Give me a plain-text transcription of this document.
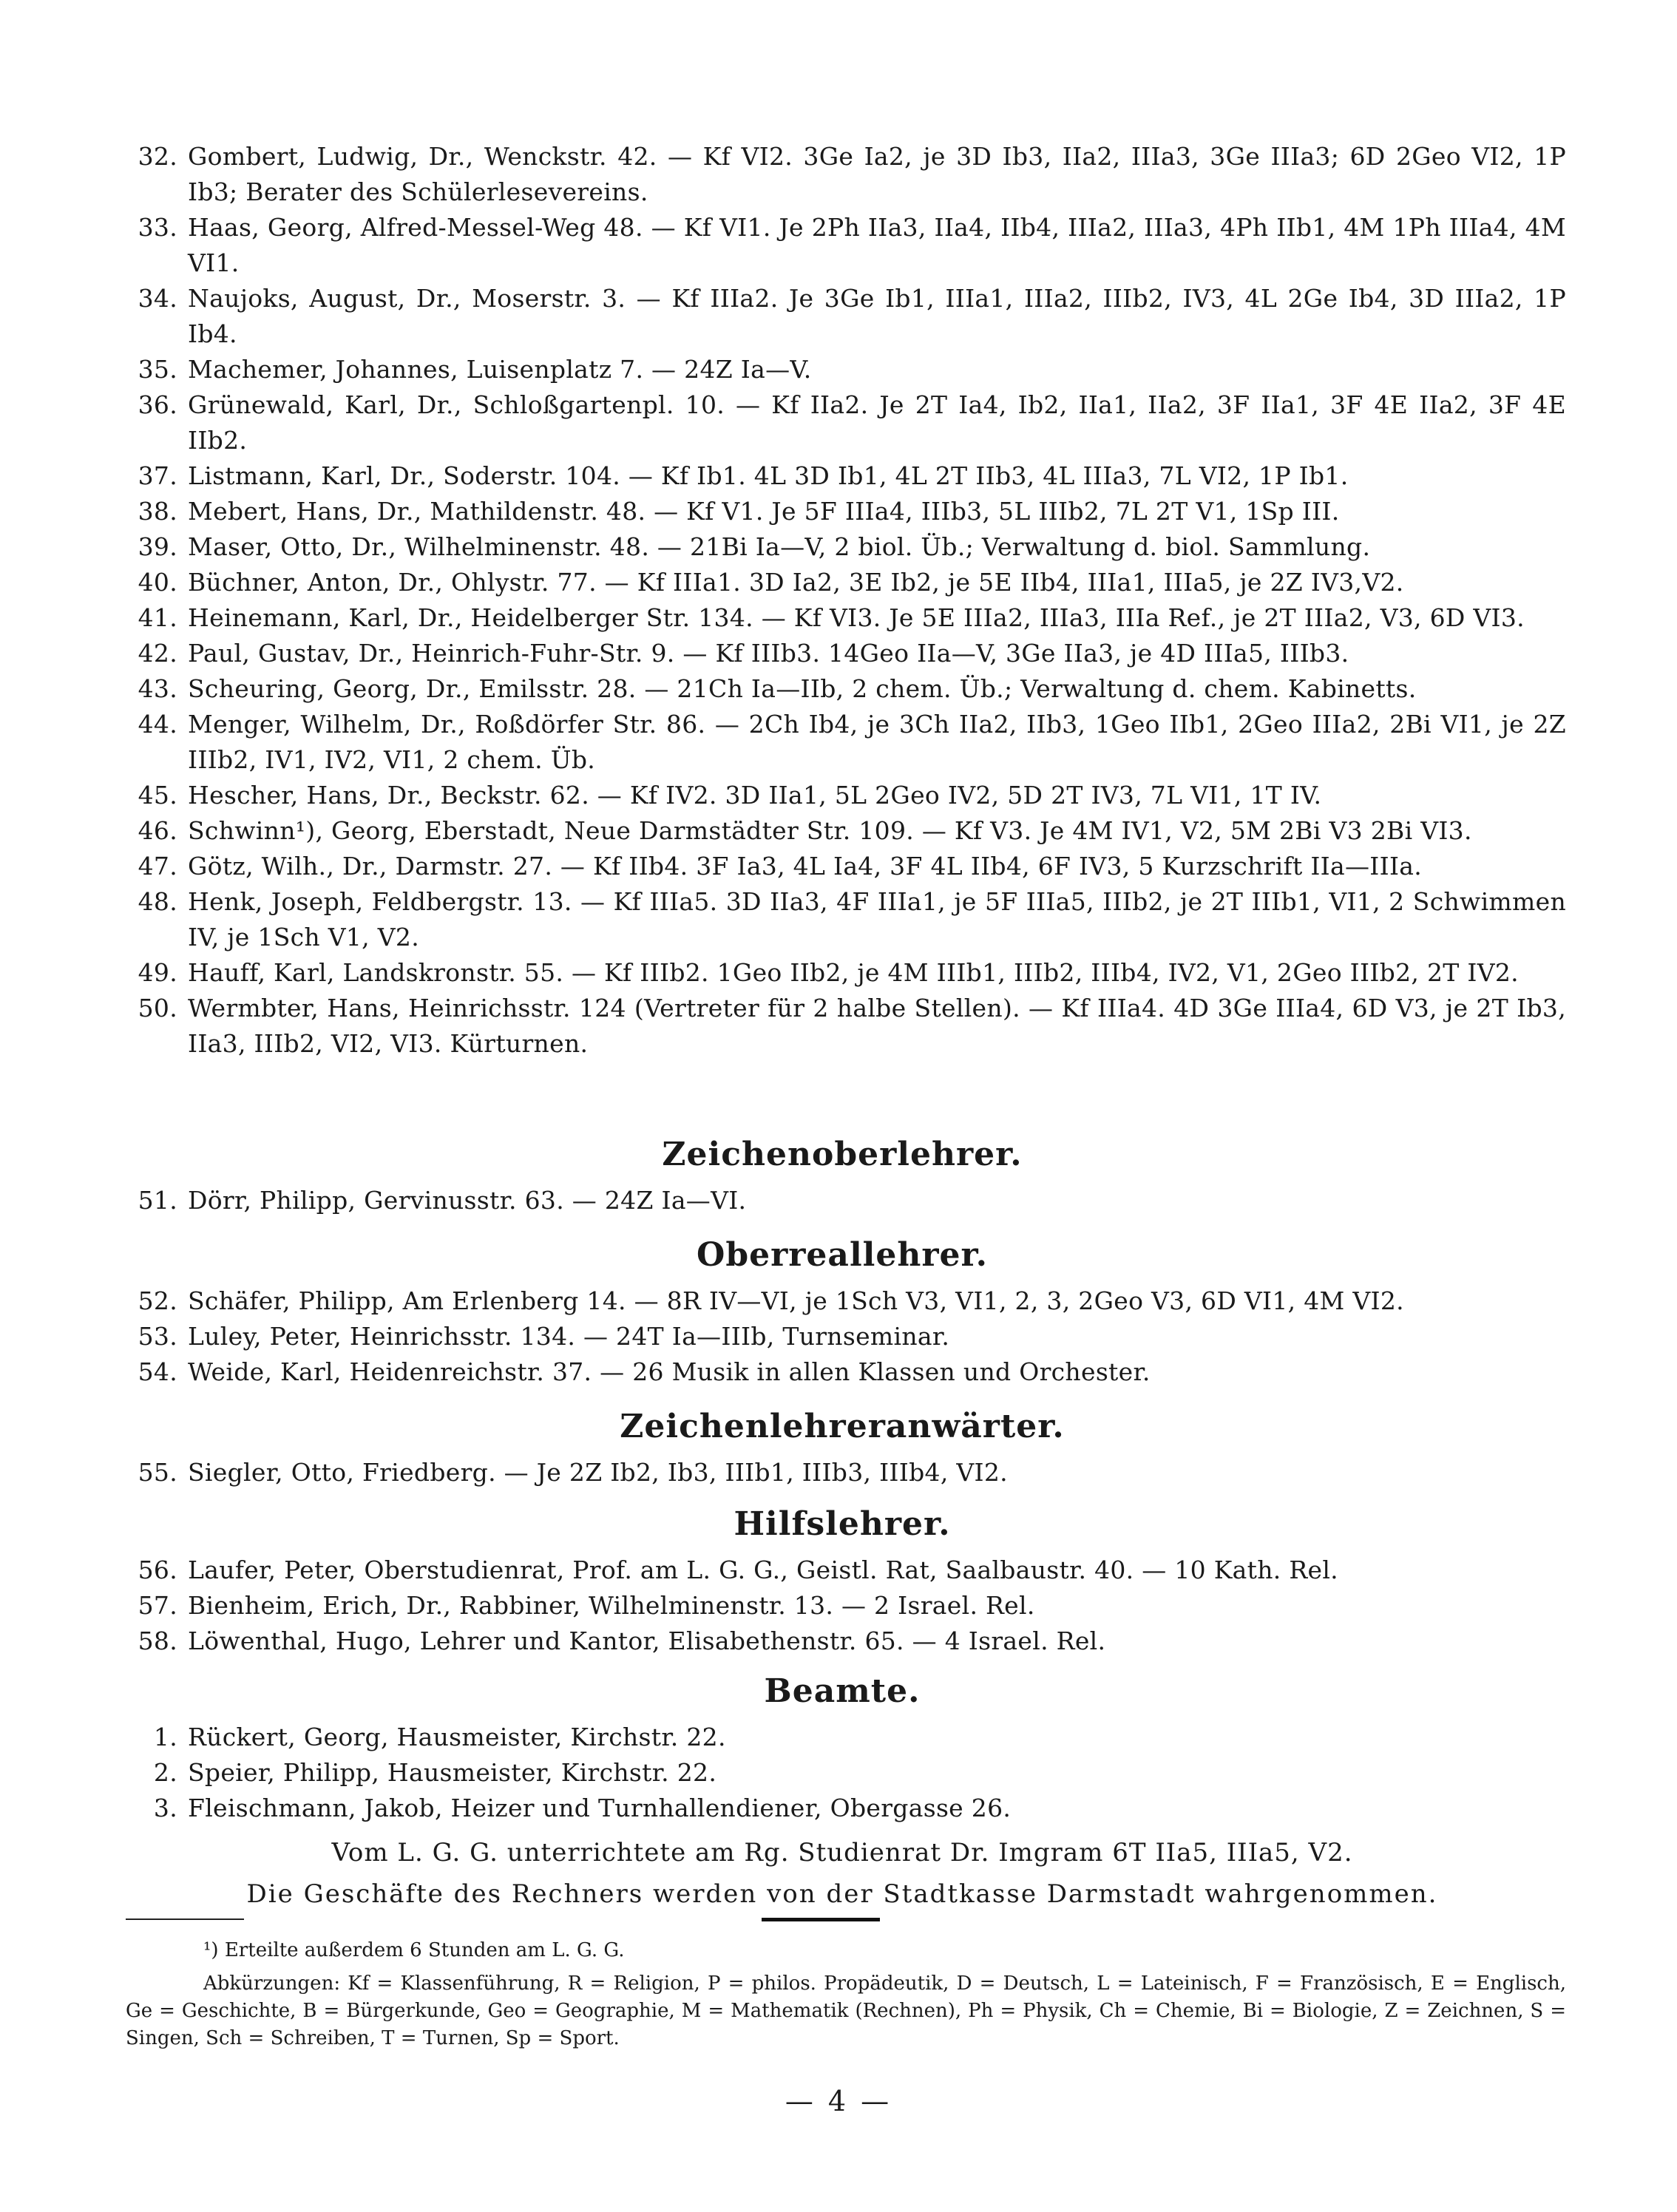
32. Gombert, Ludwig, Dr., Wenckstr. 42. — Kf VI2. 3Ge Ia2, je 3D Ib3, IIa2, IIIa3, 3Ge IIIa3; 6D 2Geo VI2, 1P Ib3; Berater des Schülerlesevereins.
33. Haas, Georg, Alfred-Messel-Weg 48. — Kf VI1. Je 2Ph IIa3, IIa4, IIb4, IIIa2, IIIa3, 4Ph IIb1, 4M 1Ph IIIa4, 4M VI1.
34. Naujoks, August, Dr., Moserstr. 3. — Kf IIIa2. Je 3Ge Ib1, IIIa1, IIIa2, IIIb2, IV3, 4L 2Ge Ib4, 3D IIIa2, 1P Ib4.
35. Machemer, Johannes, Luisenplatz 7. — 24Z Ia—V.
36. Grünewald, Karl, Dr., Schloßgartenpl. 10. — Kf IIa2. Je 2T Ia4, Ib2, IIa1, IIa2, 3F IIa1, 3F 4E IIa2, 3F 4E IIb2.
37. Listmann, Karl, Dr., Soderstr. 104. — Kf Ib1. 4L 3D Ib1, 4L 2T IIb3, 4L IIIa3, 7L VI2, 1P Ib1.
38. Mebert, Hans, Dr., Mathildenstr. 48. — Kf V1. Je 5F IIIa4, IIIb3, 5L IIIb2, 7L 2T V1, 1Sp III.
39. Maser, Otto, Dr., Wilhelminenstr. 48. — 21Bi Ia—V, 2 biol. Üb.; Verwaltung d. biol. Sammlung.
40. Büchner, Anton, Dr., Ohlystr. 77. — Kf IIIa1. 3D Ia2, 3E Ib2, je 5E IIb4, IIIa1, IIIa5, je 2Z IV3,V2.
41. Heinemann, Karl, Dr., Heidelberger Str. 134. — Kf VI3. Je 5E IIIa2, IIIa3, IIIa Ref., je 2T IIIa2, V3, 6D VI3.
42. Paul, Gustav, Dr., Heinrich-Fuhr-Str. 9. — Kf IIIb3. 14Geo IIa—V, 3Ge IIa3, je 4D IIIa5, IIIb3.
43. Scheuring, Georg, Dr., Emilsstr. 28. — 21Ch Ia—IIb, 2 chem. Üb.; Verwaltung d. chem. Kabinetts.
44. Menger, Wilhelm, Dr., Roßdörfer Str. 86. — 2Ch Ib4, je 3Ch IIa2, IIb3, 1Geo IIb1, 2Geo IIIa2, 2Bi VI1, je 2Z IIIb2, IV1, IV2, VI1, 2 chem. Üb.
45. Hescher, Hans, Dr., Beckstr. 62. — Kf IV2. 3D IIa1, 5L 2Geo IV2, 5D 2T IV3, 7L VI1, 1T IV.
46. Schwinn¹), Georg, Eberstadt, Neue Darmstädter Str. 109. — Kf V3. Je 4M IV1, V2, 5M 2Bi V3 2Bi VI3.
47. Götz, Wilh., Dr., Darmstr. 27. — Kf IIb4. 3F Ia3, 4L Ia4, 3F 4L IIb4, 6F IV3, 5 Kurzschrift IIa—IIIa.
48. Henk, Joseph, Feldbergstr. 13. — Kf IIIa5. 3D IIa3, 4F IIIa1, je 5F IIIa5, IIIb2, je 2T IIIb1, VI1, 2 Schwimmen IV, je 1Sch V1, V2.
49. Hauff, Karl, Landskronstr. 55. — Kf IIIb2. 1Geo IIb2, je 4M IIIb1, IIIb2, IIIb4, IV2, V1, 2Geo IIIb2, 2T IV2.
50. Wermbter, Hans, Heinrichsstr. 124 (Vertreter für 2 halbe Stellen). — Kf IIIa4. 4D 3Ge IIIa4, 6D V3, je 2T Ib3, IIa3, IIIb2, VI2, VI3. Kürturnen.
Zeichenoberlehrer.
51. Dörr, Philipp, Gervinusstr. 63. — 24Z Ia—VI.
Oberreallehrer.
52. Schäfer, Philipp, Am Erlenberg 14. — 8R IV—VI, je 1Sch V3, VI1, 2, 3, 2Geo V3, 6D VI1, 4M VI2.
53. Luley, Peter, Heinrichsstr. 134. — 24T Ia—IIIb, Turnseminar.
54. Weide, Karl, Heidenreichstr. 37. — 26 Musik in allen Klassen und Orchester.
Zeichenlehreranwärter.
55. Siegler, Otto, Friedberg. — Je 2Z Ib2, Ib3, IIIb1, IIIb3, IIIb4, VI2.
Hilfslehrer.
56. Laufer, Peter, Oberstudienrat, Prof. am L. G. G., Geistl. Rat, Saalbaustr. 40. — 10 Kath. Rel.
57. Bienheim, Erich, Dr., Rabbiner, Wilhelminenstr. 13. — 2 Israel. Rel.
58. Löwenthal, Hugo, Lehrer und Kantor, Elisabethenstr. 65. — 4 Israel. Rel.
Beamte.
1. Rückert, Georg, Hausmeister, Kirchstr. 22.
2. Speier, Philipp, Hausmeister, Kirchstr. 22.
3. Fleischmann, Jakob, Heizer und Turnhallendiener, Obergasse 26.
Vom L. G. G. unterrichtete am Rg. Studienrat Dr. Imgram 6T IIa5, IIIa5, V2.
Die Geschäfte des Rechners werden von der Stadtkasse Darmstadt wahrgenommen.

¹) Erteilte außerdem 6 Stunden am L. G. G.

Abkürzungen: Kf = Klassenführung, R = Religion, P = philos. Propädeutik, D = Deutsch, L = Lateinisch, F = Französisch, E = Englisch, Ge = Geschichte, B = Bürgerkunde, Geo = Geographie, M = Mathematik (Rechnen), Ph = Physik, Ch = Chemie, Bi = Biologie, Z = Zeichnen, S = Singen, Sch = Schreiben, T = Turnen, Sp = Sport.

— 4 —
